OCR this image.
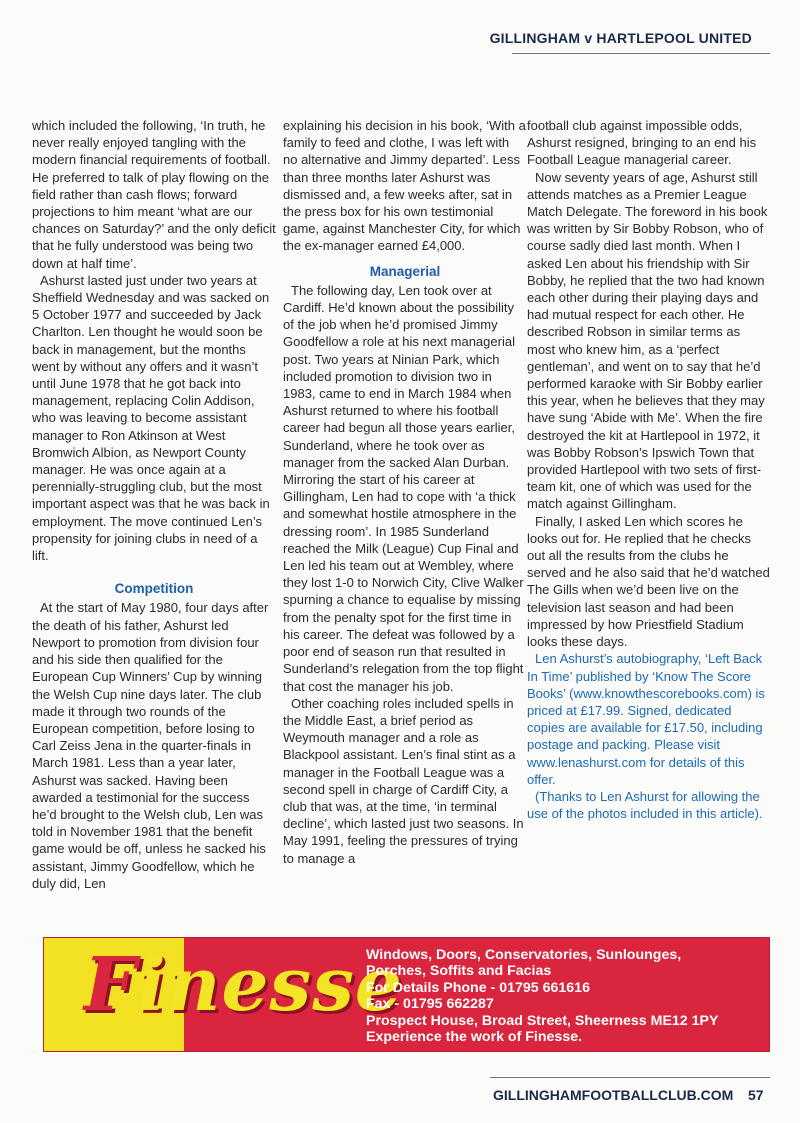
GILLINGHAM v HARTLEPOOL UNITED

which included the following, ‘In truth, he never really enjoyed tangling with the modern financial requirements of football. He preferred to talk of play flowing on the field rather than cash flows; forward projections to him meant ‘what are our chances on Saturday?’ and the only deficit that he fully understood was being two down at half time’.

Ashurst lasted just under two years at Sheffield Wednesday and was sacked on 5 October 1977 and succeeded by Jack Charlton. Len thought he would soon be back in management, but the months went by without any offers and it wasn’t until June 1978 that he got back into management, replacing Colin Addison, who was leaving to become assistant manager to Ron Atkinson at West Bromwich Albion, as Newport County manager. He was once again at a perennially-struggling club, but the most important aspect was that he was back in employment. The move continued Len’s propensity for joining clubs in need of a lift.

Competition

At the start of May 1980, four days after the death of his father, Ashurst led Newport to promotion from division four and his side then qualified for the European Cup Winners’ Cup by winning the Welsh Cup nine days later. The club made it through two rounds of the European competition, before losing to Carl Zeiss Jena in the quarter-finals in March 1981. Less than a year later, Ashurst was sacked. Having been awarded a testimonial for the success he’d brought to the Welsh club, Len was told in November 1981 that the benefit game would be off, unless he sacked his assistant, Jimmy Goodfellow, which he duly did, Len

explaining his decision in his book, ‘With a family to feed and clothe, I was left with no alternative and Jimmy departed’. Less than three months later Ashurst was dismissed and, a few weeks after, sat in the press box for his own testimonial game, against Manchester City, for which the ex-manager earned £4,000.

Managerial

The following day, Len took over at Cardiff. He’d known about the possibility of the job when he’d promised Jimmy Goodfellow a role at his next managerial post. Two years at Ninian Park, which included promotion to division two in 1983, came to end in March 1984 when Ashurst returned to where his football career had begun all those years earlier, Sunderland, where he took over as manager from the sacked Alan Durban. Mirroring the start of his career at Gillingham, Len had to cope with ‘a thick and somewhat hostile atmosphere in the dressing room’. In 1985 Sunderland reached the Milk (League) Cup Final and Len led his team out at Wembley, where they lost 1-0 to Norwich City, Clive Walker spurning a chance to equalise by missing from the penalty spot for the first time in his career. The defeat was followed by a poor end of season run that resulted in Sunderland’s relegation from the top flight that cost the manager his job.

Other coaching roles included spells in the Middle East, a brief period as Weymouth manager and a role as Blackpool assistant. Len’s final stint as a manager in the Football League was a second spell in charge of Cardiff City, a club that was, at the time, ‘in terminal decline’, which lasted just two seasons. In May 1991, feeling the pressures of trying to manage a

football club against impossible odds, Ashurst resigned, bringing to an end his Football League managerial career.

Now seventy years of age, Ashurst still attends matches as a Premier League Match Delegate. The foreword in his book was written by Sir Bobby Robson, who of course sadly died last month. When I asked Len about his friendship with Sir Bobby, he replied that the two had known each other during their playing days and had mutual respect for each other. He described Robson in similar terms as most who knew him, as a ‘perfect gentleman’, and went on to say that he’d performed karaoke with Sir Bobby earlier this year, when he believes that they may have sung ‘Abide with Me’. When the fire destroyed the kit at Hartlepool in 1972, it was Bobby Robson’s Ipswich Town that provided Hartlepool with two sets of first-team kit, one of which was used for the match against Gillingham.

Finally, I asked Len which scores he looks out for. He replied that he checks out all the results from the clubs he served and he also said that he’d watched The Gills when we’d been live on the television last season and had been impressed by how Priestfield Stadium looks these days.

Len Ashurst’s autobiography, ‘Left Back In Time’ published by ‘Know The Score Books’ (www.knowthescorebooks.com) is priced at £17.99. Signed, dedicated copies are available for £17.50, including postage and packing. Please visit www.lenashurst.com for details of this offer.

(Thanks to Len Ashurst for allowing the use of the photos included in this article).

Finesse
Windows, Doors, Conservatories, Sunlounges,
Porches, Soffits and Facias
For Details Phone - 01795 661616
Fax - 01795 662287
Prospect House, Broad Street, Sheerness ME12 1PY
Experience the work of Finesse.
GILLINGHAMFOOTBALLCLUB.COM 57
